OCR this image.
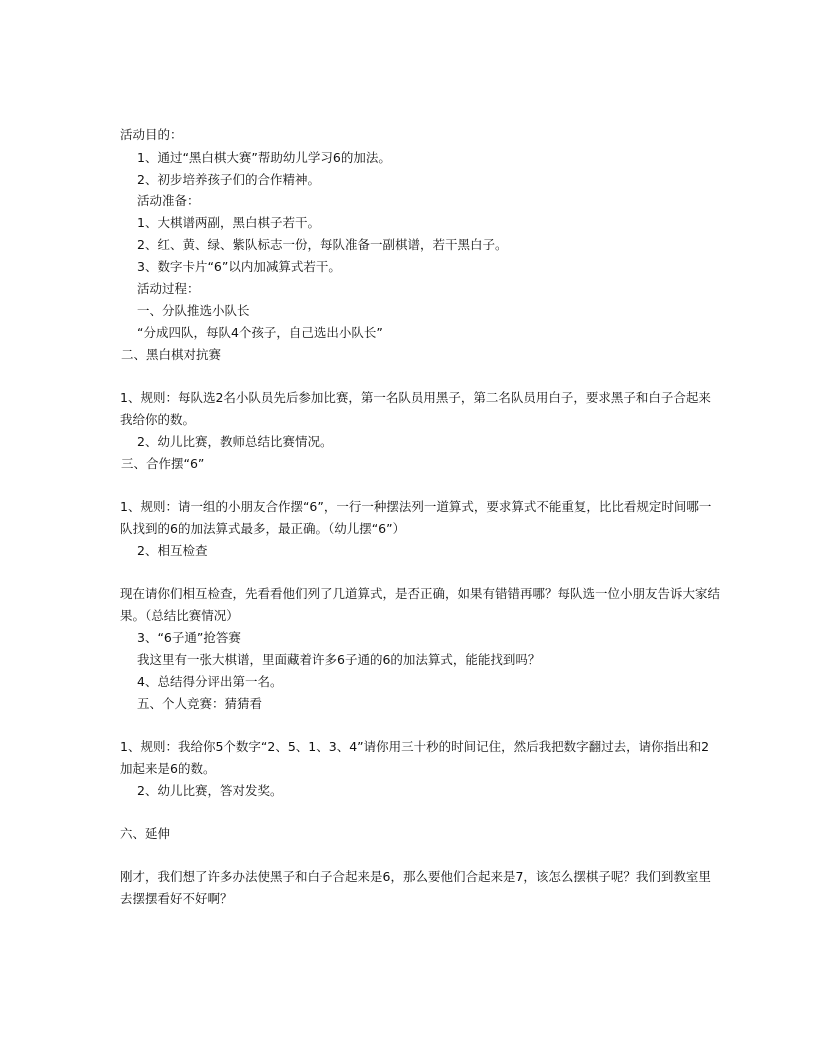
活动目的：
1、通过“黑白棋大赛”帮助幼儿学习6的加法。
2、初步培养孩子们的合作精神。
活动准备：
1、大棋谱两副，黑白棋子若干。
2、红、黄、绿、紫队标志一份，每队准备一副棋谱，若干黑白子。
3、数字卡片“6”以内加减算式若干。
活动过程：
一、分队推选小队长
“分成四队，每队4个孩子，自己选出小队长”
二、黑白棋对抗赛
1、规则：每队选2名小队员先后参加比赛，第一名队员用黑子，第二名队员用白子，要求黑子和白子合起来
我给你的数。
2、幼儿比赛，教师总结比赛情况。
三、合作摆“6”
1、规则：请一组的小朋友合作摆“6”，一行一种摆法列一道算式，要求算式不能重复，比比看规定时间哪一
队找到的6的加法算式最多，最正确。（幼儿摆“6”）
2、相互检查
现在请你们相互检查，先看看他们列了几道算式，是否正确，如果有错错再哪？每队选一位小朋友告诉大家结
果。（总结比赛情况）
3、“6子通”抢答赛
我这里有一张大棋谱，里面藏着许多6子通的6的加法算式，能能找到吗？
4、总结得分评出第一名。
五、个人竞赛：猜猜看
1、规则：我给你5个数字“2、5、1、3、4”请你用三十秒的时间记住，然后我把数字翻过去，请你指出和2
加起来是6的数。
2、幼儿比赛，答对发奖。
六、延伸
刚才，我们想了许多办法使黑子和白子合起来是6，那么要他们合起来是7，该怎么摆棋子呢？我们到教室里
去摆摆看好不好啊？
